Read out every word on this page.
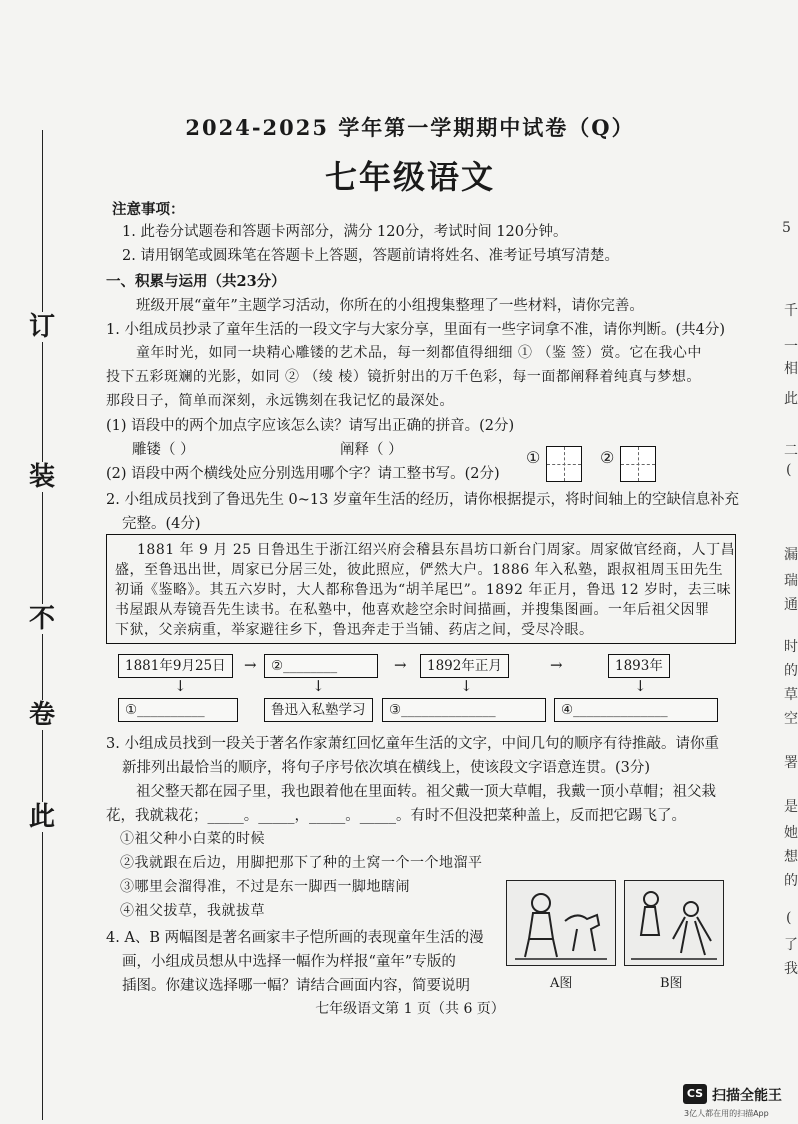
订
装
不
卷
此
2024-2025 学年第一学期期中试卷（Q）
七年级语文
注意事项：
1. 此卷分试题卷和答题卡两部分，满分 120分，考试时间 120分钟。
2. 请用钢笔或圆珠笔在答题卡上答题，答题前请将姓名、准考证号填写清楚。
一、积累与运用（共23分）
班级开展“童年”主题学习活动，你所在的小组搜集整理了一些材料，请你完善。
1. 小组成员抄录了童年生活的一段文字与大家分享，里面有一些字词拿不准，请你判断。(共4分)
童年时光，如同一块精心雕镂的艺术品，每一刻都值得细细 ① （鉴 签）赏。它在我心中
投下五彩斑斓的光影，如同 ② （绫 棱）镜折射出的万千色彩，每一面都阐释着纯真与梦想。
那段日子，简单而深刻，永远镌刻在我记忆的最深处。
(1) 语段中的两个加点字应该怎么读？请写出正确的拼音。(2分)
雕镂（ ）	阐释（ ）
(2) 语段中两个横线处应分别选用哪个字？请工整书写。(2分)
①	②
2. 小组成员找到了鲁迅先生 0~13 岁童年生活的经历，请你根据提示，将时间轴上的空缺信息补充
完整。(4分)
1881 年 9 月 25 日鲁迅生于浙江绍兴府会稽县东昌坊口新台门周家。周家做官经商，人丁昌
盛，至鲁迅出世，周家已分居三处，彼此照应，俨然大户。1886 年入私塾，跟叔祖周玉田先生
初诵《鉴略》。其五六岁时，大人都称鲁迅为“胡羊尾巴”。1892 年正月，鲁迅 12 岁时，去三味
书屋跟从寿镜吾先生读书。在私塾中，他喜欢趁空余时间描画，并搜集图画。一年后祖父因罪
下狱，父亲病重，举家避往乡下，鲁迅奔走于当铺、药店之间，受尽冷眼。
1881年9月25日	→	②________	→	1892年正月	→	1893年
↓	↓	↓	↓
①__________	鲁迅入私塾学习	③______________	④______________
3. 小组成员找到一段关于著名作家萧红回忆童年生活的文字，中间几句的顺序有待推敲。请你重
新排列出最恰当的顺序，将句子序号依次填在横线上，使该段文字语意连贯。(3分)
祖父整天都在园子里，我也跟着他在里面转。祖父戴一顶大草帽，我戴一顶小草帽；祖父栽
花，我就栽花；_____。_____，_____。_____。有时不但没把菜种盖上，反而把它踢飞了。
①祖父种小白菜的时候
②我就跟在后边，用脚把那下了种的土窝一个一个地溜平
③哪里会溜得准，不过是东一脚西一脚地瞎闹
④祖父拔草，我就拔草
4. A、B 两幅图是著名画家丰子恺所画的表现童年生活的漫
画，小组成员想从中选择一幅作为样报“童年”专版的
插图。你建议选择哪一幅？请结合画面内容，简要说明	A图	B图
七年级语文第 1 页（共 6 页）
5
千
一
相
此
二
(
漏
瑞
通
时
的
草
空
署
是
她
想
的
(
了
我
CS 扫描全能王
3亿人都在用的扫描App
